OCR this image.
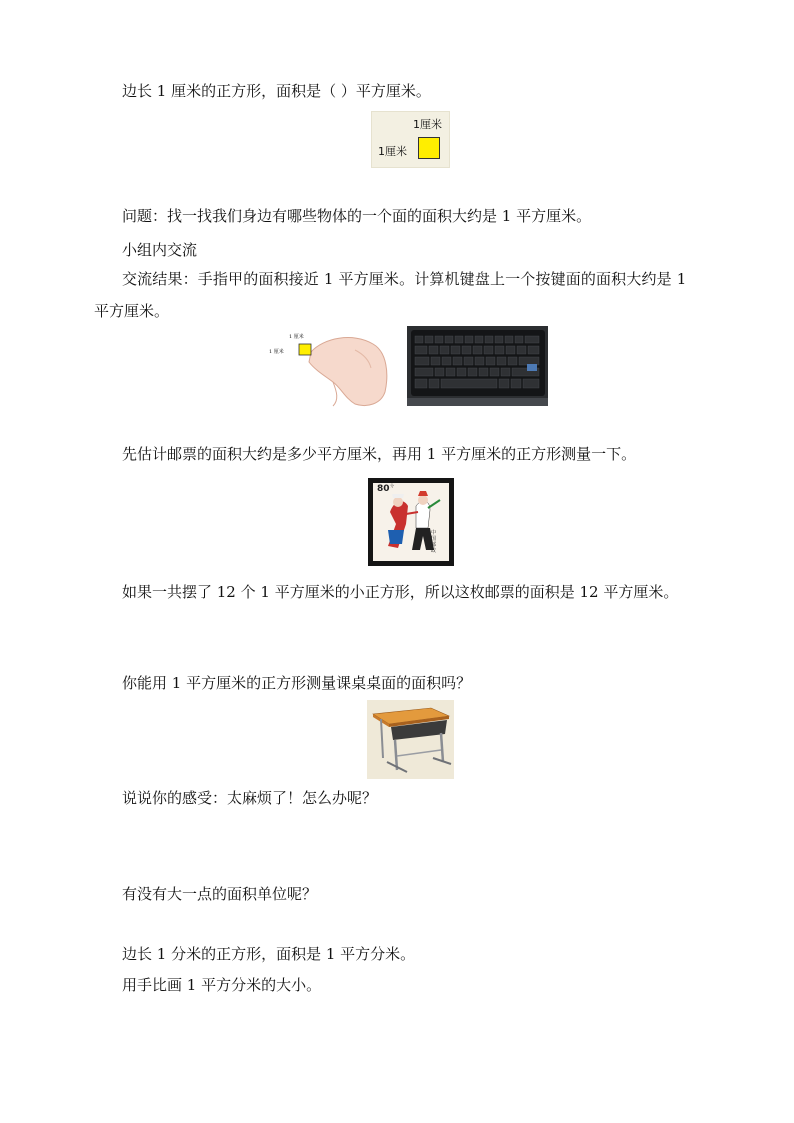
边长 1 厘米的正方形，面积是（ ）平方厘米。
1厘米
1厘米
问题：找一找我们身边有哪些物体的一个面的面积大约是 1 平方厘米。
小组内交流
交流结果：手指甲的面积接近 1 平方厘米。计算机键盘上一个按键面的面积大约是 1
平方厘米。
1 厘米
1 厘米
先估计邮票的面积大约是多少平方厘米，再用 1 平方厘米的正方形测量一下。
80 分
中国邮政
如果一共摆了 12 个 1 平方厘米的小正方形，所以这枚邮票的面积是 12 平方厘米。
你能用 1 平方厘米的正方形测量课桌桌面的面积吗？
说说你的感受：太麻烦了！怎么办呢？
有没有大一点的面积单位呢？
边长 1 分米的正方形，面积是 1 平方分米。
用手比画 1 平方分米的大小。
